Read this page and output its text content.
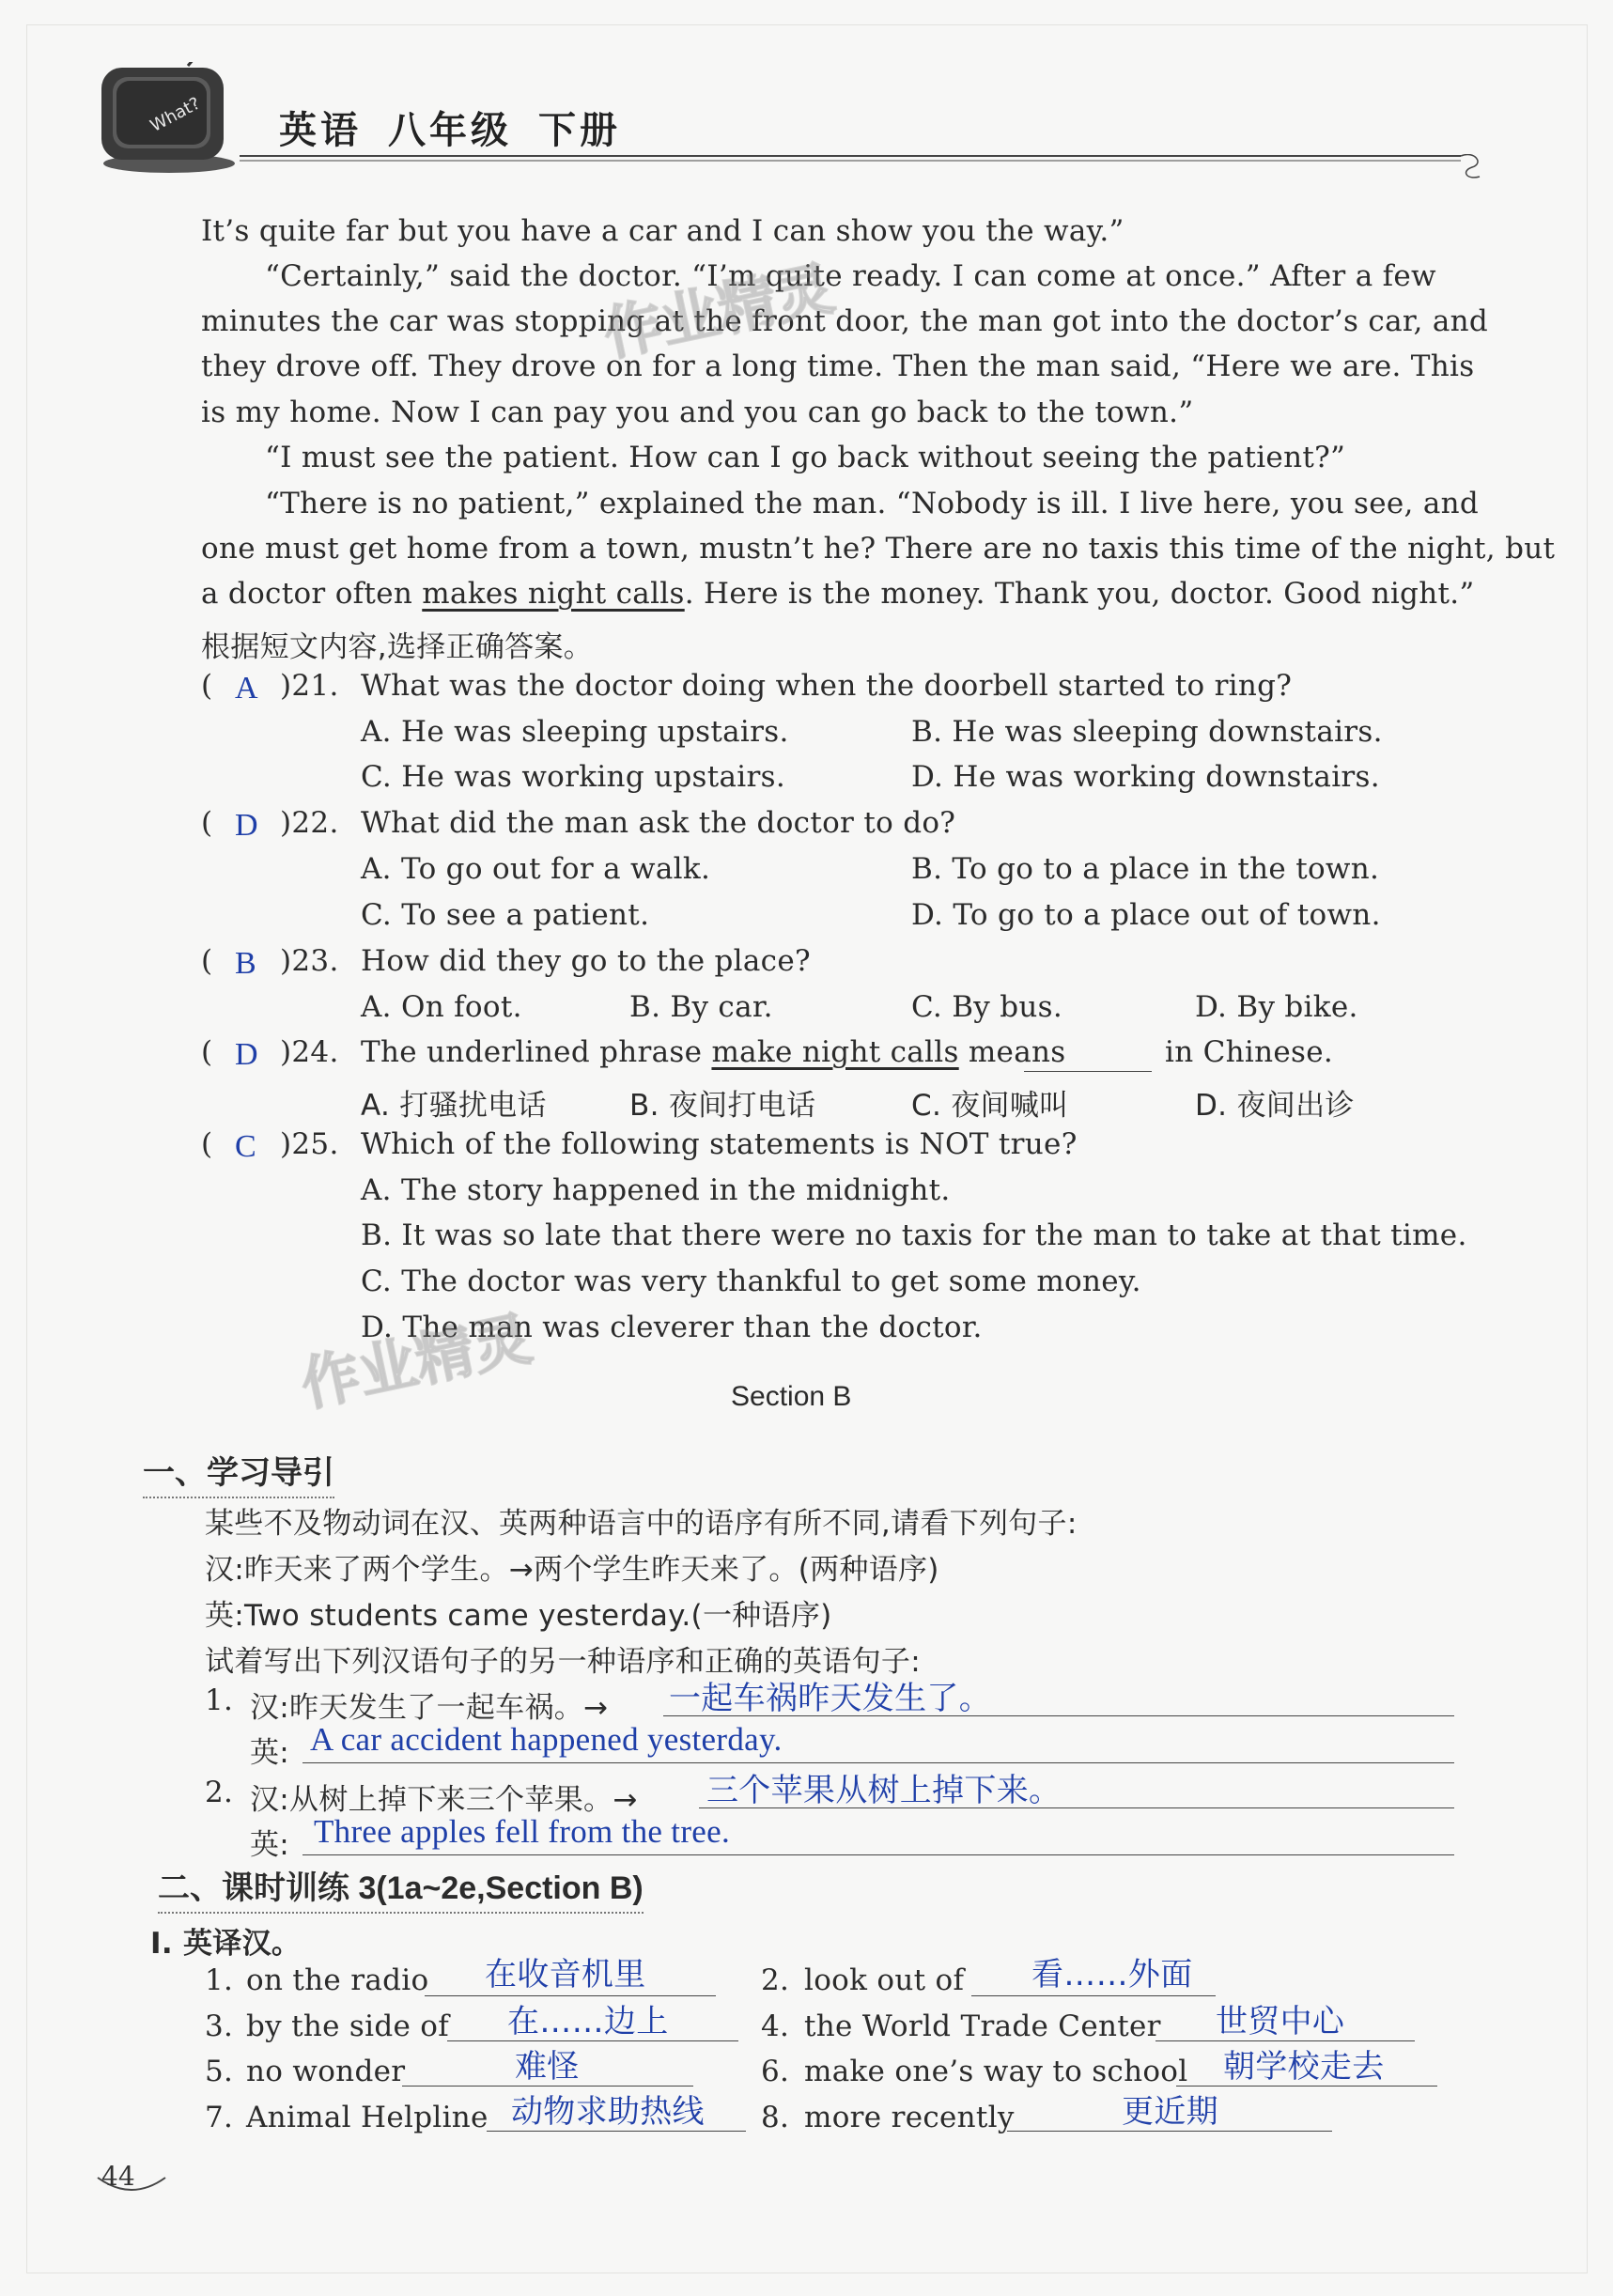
What? 英语 八年级 下册
It’s quite far but you have a car and I can show you the way.”
“Certainly,” said the doctor. “I’m quite ready. I can come at once.” After a few
minutes the car was stopping at the front door, the man got into the doctor’s car, and
they drove off. They drove on for a long time. Then the man said, “Here we are. This
is my home. Now I can pay you and you can go back to the town.”
“I must see the patient. How can I go back without seeing the patient?”
“There is no patient,” explained the man. “Nobody is ill. I live here, you see, and
one must get home from a town, mustn’t he? There are no taxis this time of the night, but
a doctor often makes night calls. Here is the money. Thank you, doctor. Good night.”
根据短文内容,选择正确答案。
( A )21. What was the doctor doing when the doorbell started to ring?
A. He was sleeping upstairs.	B. He was sleeping downstairs.
C. He was working upstairs.	D. He was working downstairs.
( D )22. What did the man ask the doctor to do?
A. To go out for a walk.	B. To go to a place in the town.
C. To see a patient.	D. To go to a place out of town.
( B )23. How did they go to the place?
A. On foot.	B. By car.	C. By bus.	D. By bike.
( D )24. The underlined phrase make night calls means	in Chinese.
A. 打骚扰电话	B. 夜间打电话	C. 夜间喊叫	D. 夜间出诊
( C )25. Which of the following statements is NOT true?
A. The story happened in the midnight.
B. It was so late that there were no taxis for the man to take at that time.
C. The doctor was very thankful to get some money.
D. The man was cleverer than the doctor.
Section B
一、学习导引
某些不及物动词在汉、英两种语言中的语序有所不同,请看下列句子:
汉:昨天来了两个学生。→两个学生昨天来了。(两种语序)
英:Two students came yesterday.(一种语序)
试着写出下列汉语句子的另一种语序和正确的英语句子:
1. 汉:昨天发生了一起车祸。→ 一起车祸昨天发生了。
英: A car accident happened yesterday.
2. 汉:从树上掉下来三个苹果。→ 三个苹果从树上掉下来。
英: Three apples fell from the tree.
二、课时训练 3(1a~2e,Section B)
Ⅰ. 英译汉。
1. on the radio 在收音机里	2. look out of 看……外面
3. by the side of 在……边上	4. the World Trade Center 世贸中心
5. no wonder	难怪	6. make one’s way to school 朝学校走去
7. Animal Helpline 动物求助热线 8. more recently	更近期
作业精灵
作业精灵
44
